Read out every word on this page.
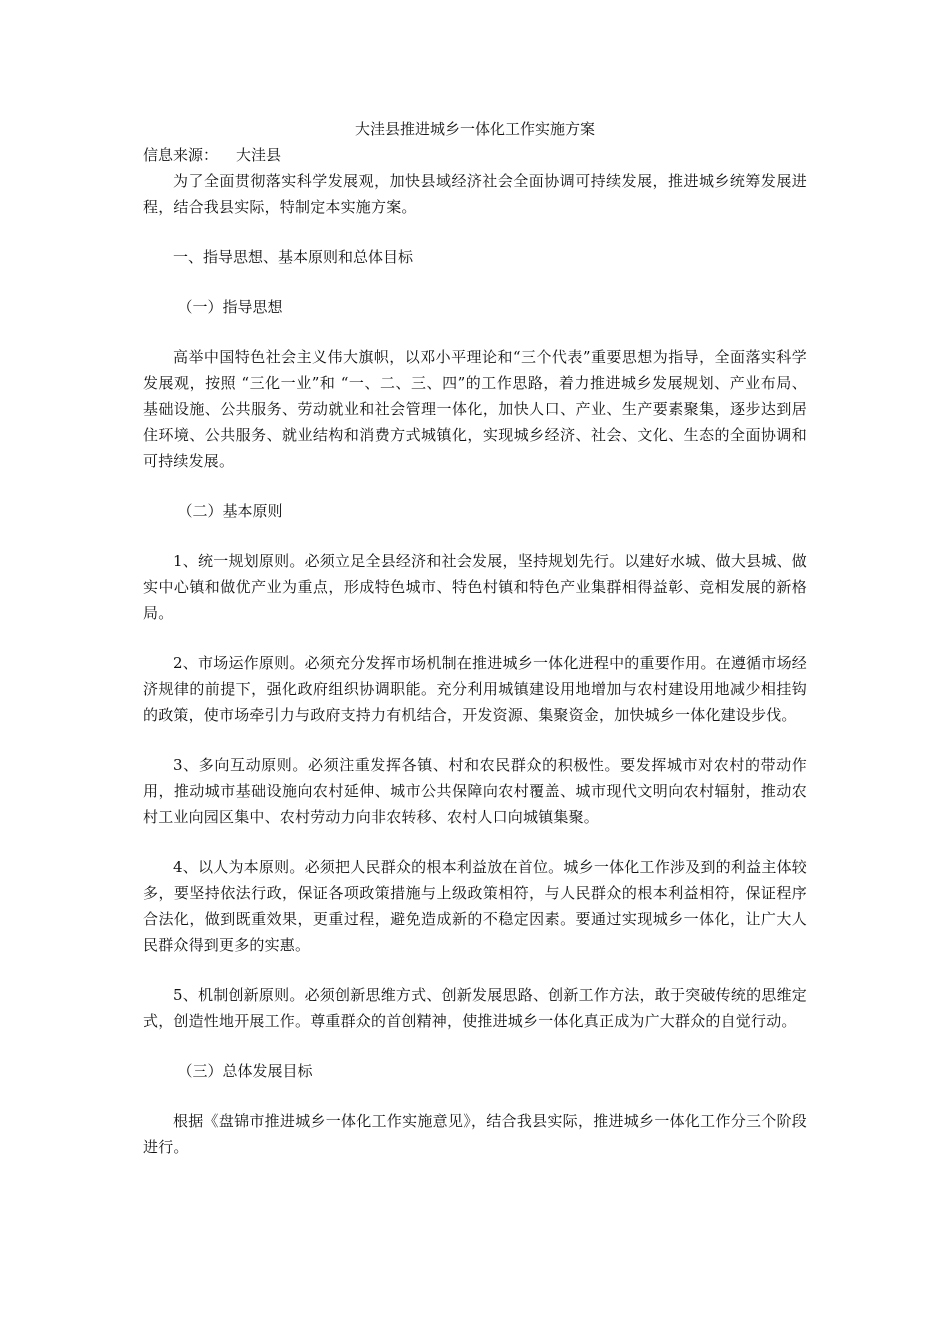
大洼县推进城乡一体化工作实施方案
信息来源： 大洼县

为了全面贯彻落实科学发展观，加快县域经济社会全面协调可持续发展，推进城乡统筹发展进程，结合我县实际，特制定本实施方案。

一、指导思想、基本原则和总体目标

（一）指导思想

高举中国特色社会主义伟大旗帜，以邓小平理论和“三个代表”重要思想为指导，全面落实科学发展观，按照 “三化一业”和 “一、二、三、四”的工作思路，着力推进城乡发展规划、产业布局、基础设施、公共服务、劳动就业和社会管理一体化，加快人口、产业、生产要素聚集，逐步达到居住环境、公共服务、就业结构和消费方式城镇化，实现城乡经济、社会、文化、生态的全面协调和可持续发展。

（二）基本原则

1、统一规划原则。必须立足全县经济和社会发展，坚持规划先行。以建好水城、做大县城、做实中心镇和做优产业为重点，形成特色城市、特色村镇和特色产业集群相得益彰、竞相发展的新格局。

2、市场运作原则。必须充分发挥市场机制在推进城乡一体化进程中的重要作用。在遵循市场经济规律的前提下，强化政府组织协调职能。充分利用城镇建设用地增加与农村建设用地减少相挂钩的政策，使市场牵引力与政府支持力有机结合，开发资源、集聚资金，加快城乡一体化建设步伐。

3、多向互动原则。必须注重发挥各镇、村和农民群众的积极性。要发挥城市对农村的带动作用，推动城市基础设施向农村延伸、城市公共保障向农村覆盖、城市现代文明向农村辐射，推动农村工业向园区集中、农村劳动力向非农转移、农村人口向城镇集聚。

4、以人为本原则。必须把人民群众的根本利益放在首位。城乡一体化工作涉及到的利益主体较多，要坚持依法行政，保证各项政策措施与上级政策相符，与人民群众的根本利益相符，保证程序合法化，做到既重效果，更重过程，避免造成新的不稳定因素。要通过实现城乡一体化，让广大人民群众得到更多的实惠。

5、机制创新原则。必须创新思维方式、创新发展思路、创新工作方法，敢于突破传统的思维定式，创造性地开展工作。尊重群众的首创精神，使推进城乡一体化真正成为广大群众的自觉行动。

（三）总体发展目标

根据《盘锦市推进城乡一体化工作实施意见》，结合我县实际，推进城乡一体化工作分三个阶段进行。
